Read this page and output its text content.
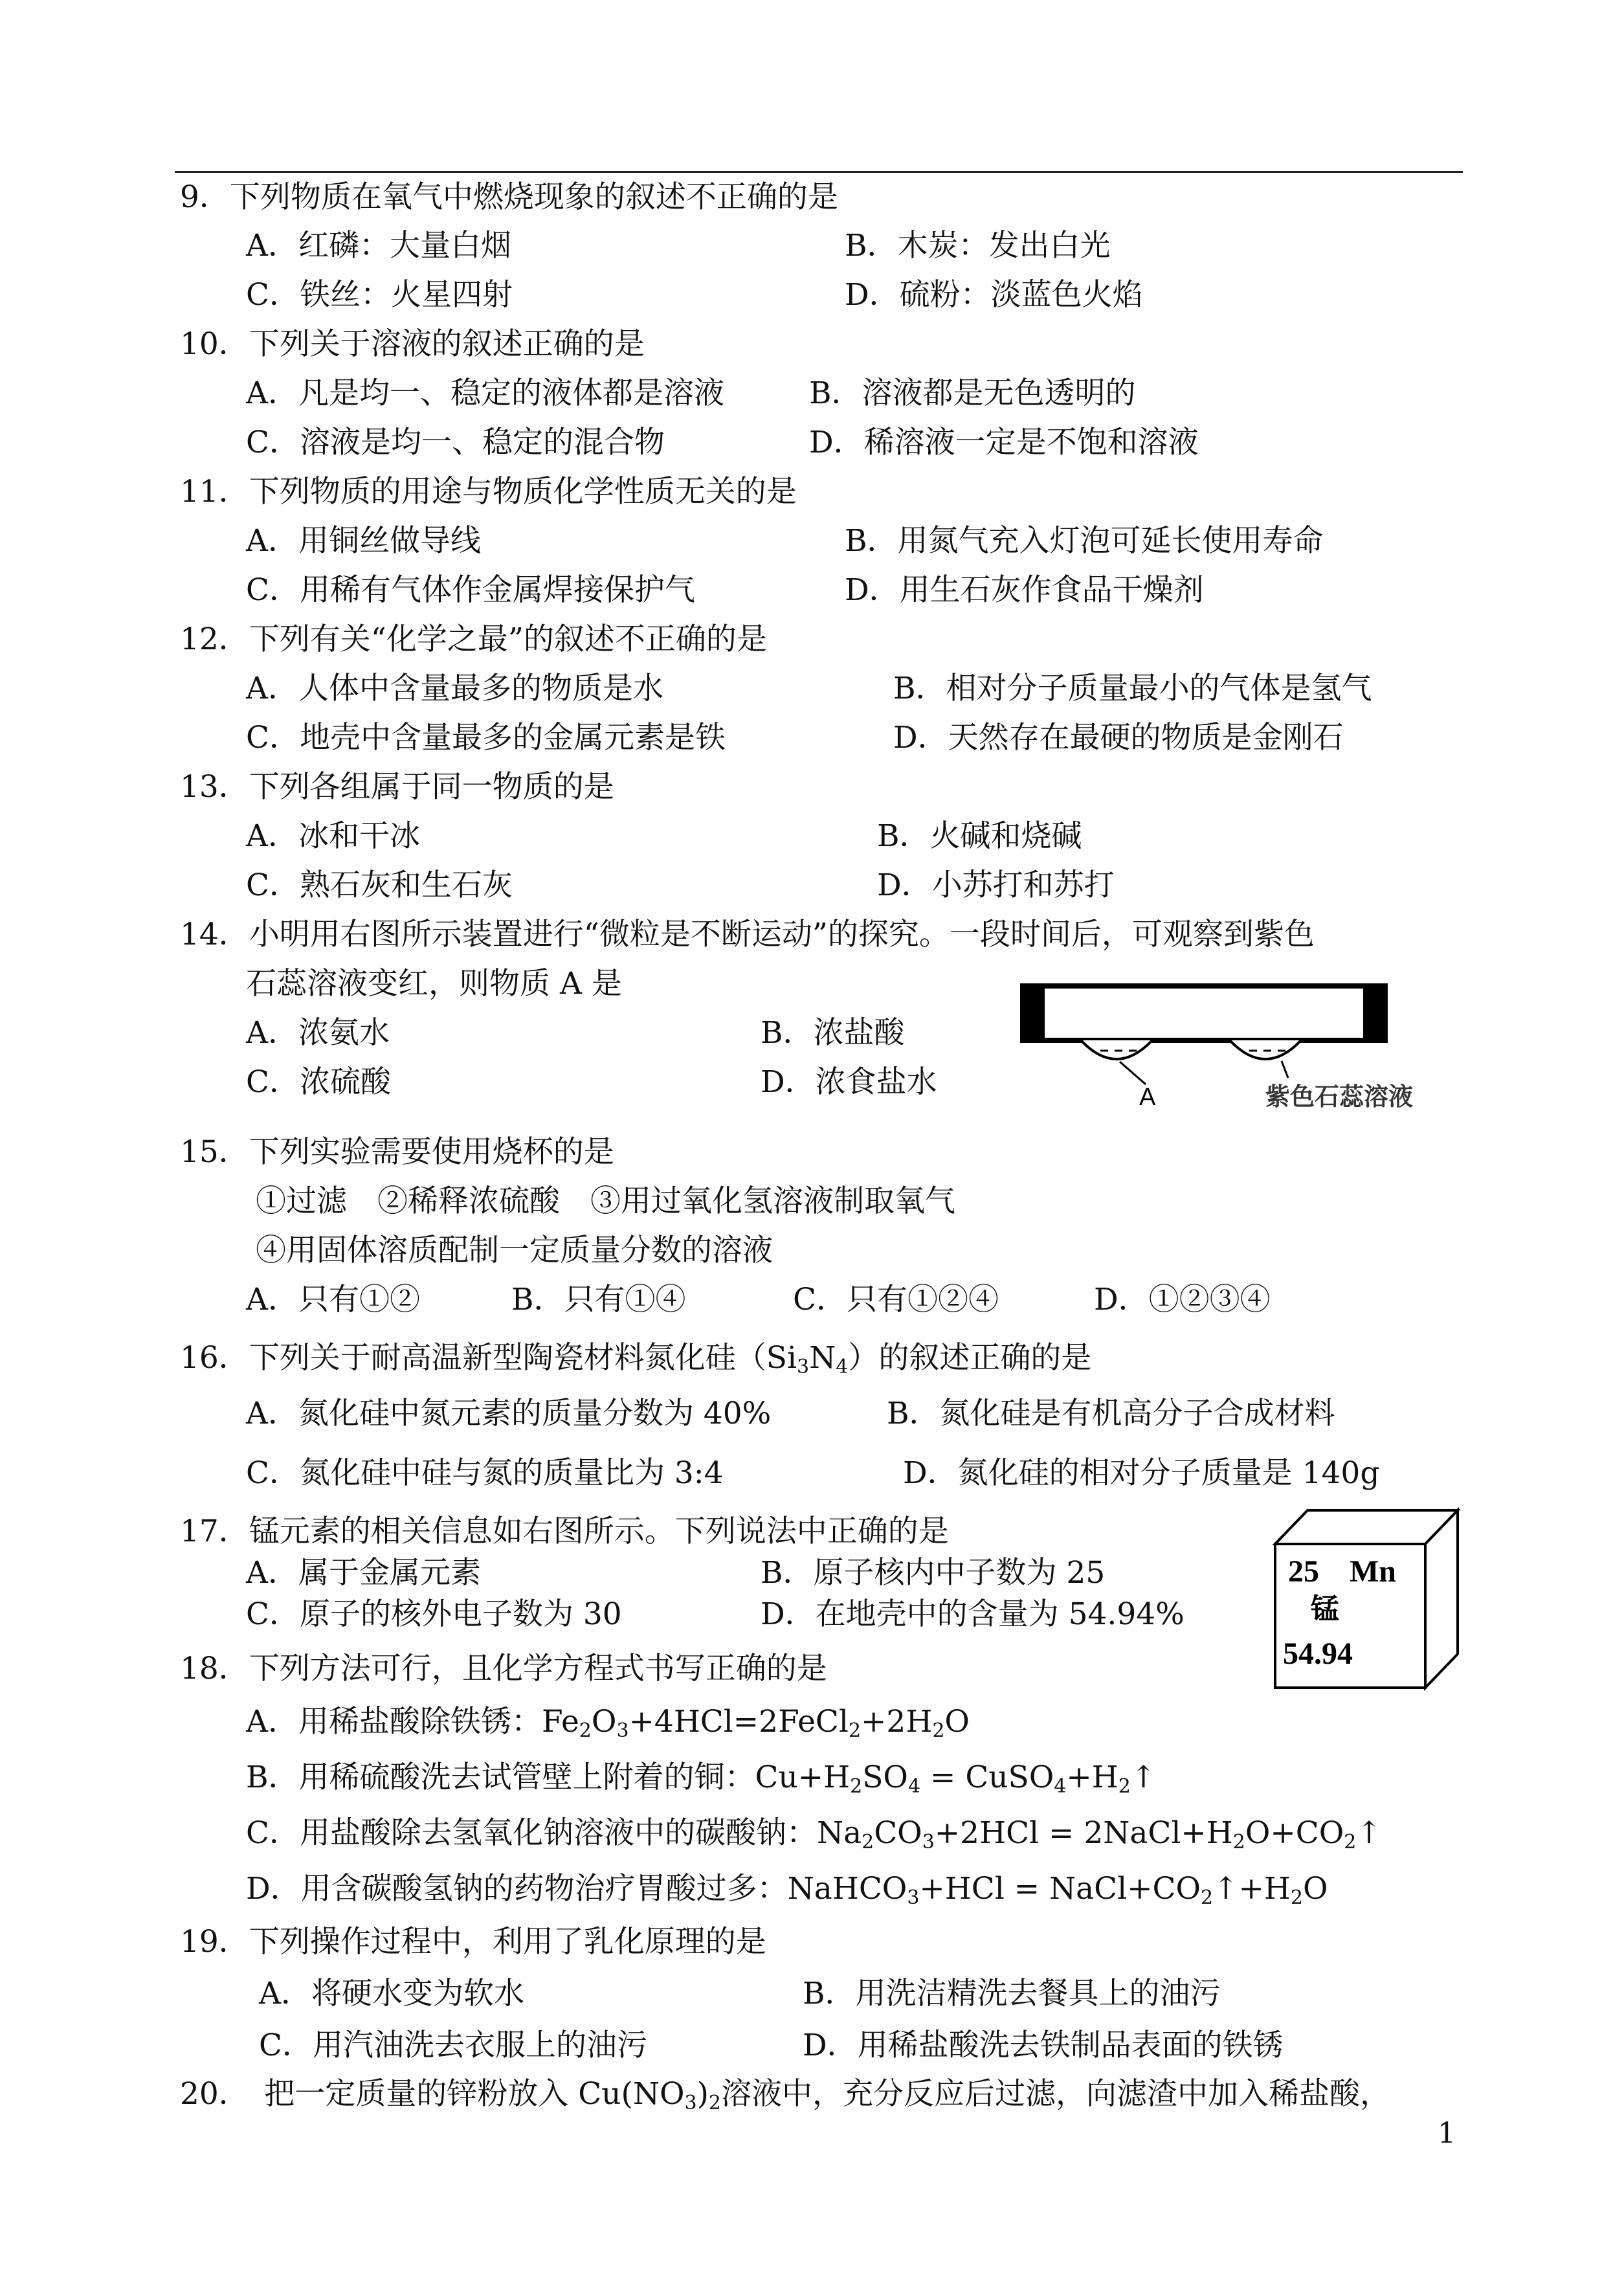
9．下列物质在氧气中燃烧现象的叙述不正确的是
A．红磷：大量白烟	B．木炭：发出白光
C．铁丝：火星四射	D．硫粉：淡蓝色火焰
10．下列关于溶液的叙述正确的是
A．凡是均一、稳定的液体都是溶液	B．溶液都是无色透明的
C．溶液是均一、稳定的混合物	D．稀溶液一定是不饱和溶液
11．下列物质的用途与物质化学性质无关的是
A．用铜丝做导线	B．用氮气充入灯泡可延长使用寿命
C．用稀有气体作金属焊接保护气	D．用生石灰作食品干燥剂
12．下列有关“化学之最”的叙述不正确的是
A．人体中含量最多的物质是水	B．相对分子质量最小的气体是氢气
C．地壳中含量最多的金属元素是铁	D．天然存在最硬的物质是金刚石
13．下列各组属于同一物质的是
A．冰和干冰	B．火碱和烧碱
C．熟石灰和生石灰	D．小苏打和苏打
14．小明用右图所示装置进行“微粒是不断运动”的探究。一段时间后，可观察到紫色
石蕊溶液变红，则物质 A 是
A．浓氨水	B．浓盐酸
C．浓硫酸	D．浓食盐水	A	紫色石蕊溶液
15．下列实验需要使用烧杯的是
①过滤　②稀释浓硫酸　③用过氧化氢溶液制取氧气
④用固体溶质配制一定质量分数的溶液
A．只有①②	B．只有①④	C．只有①②④	D．①②③④
16．下列关于耐高温新型陶瓷材料氮化硅$(Si_3N_4)$的叙述正确的是
A．氮化硅中氮元素的质量分数为 40%	B．氮化硅是有机高分子合成材料
C．氮化硅中硅与氮的质量比为 3:4	D．氮化硅的相对分子质量是 140g
17．锰元素的相关信息如右图所示。下列说法中正确的是
A．属于金属元素	B．原子核内中子数为 25
C．原子的核外电子数为 30	D．在地壳中的含量为 54.94%
25 Mn
锰
54.94
18．下列方法可行，且化学方程式书写正确的是
A．用稀盐酸除铁锈：$Fe_2O_3+4HCl=2FeCl_2+2H_2O$
B．用稀硫酸洗去试管壁上附着的铜：$Cu+H_2SO_4$ = $CuSO_4+H_2↑$
C．用盐酸除去氢氧化钠溶液中的碳酸钠：$Na_2CO_3+2HCl$ = $2NaCl+H_2O+CO_2↑$
D．用含碳酸氢钠的药物治疗胃酸过多：NaHCO$_3$+HCl = $NaCl+CO_2↑+H_2O$
19．下列操作过程中，利用了乳化原理的是
A．将硬水变为软水	B．用洗洁精洗去餐具上的油污
C．用汽油洗去衣服上的油污	D．用稀盐酸洗去铁制品表面的铁锈
20．　把一定质量的锌粉放入 $Cu(NO_3)_2$溶液中，充分反应后过滤，向滤渣中加入稀盐酸，
1
